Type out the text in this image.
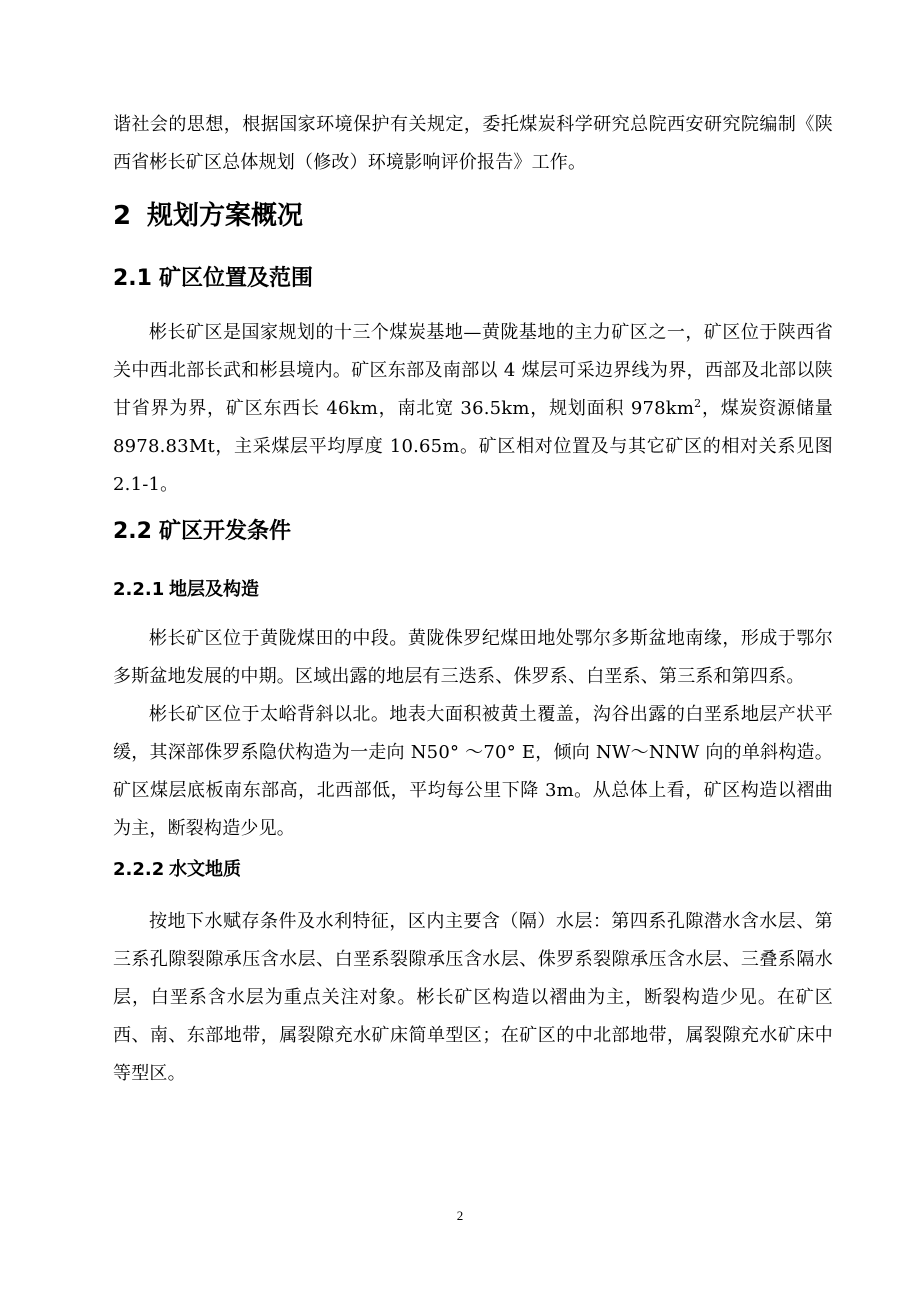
谐社会的思想，根据国家环境保护有关规定，委托煤炭科学研究总院西安研究院编制《陕西省彬长矿区总体规划（修改）环境影响评价报告》工作。

2 规划方案概况
2.1 矿区位置及范围

彬长矿区是国家规划的十三个煤炭基地—黄陇基地的主力矿区之一，矿区位于陕西省关中西北部长武和彬县境内。矿区东部及南部以 4 煤层可采边界线为界，西部及北部以陕甘省界为界，矿区东西长 46km，南北宽 36.5km，规划面积 $978km^2$，煤炭资源储量 8978.83Mt，主采煤层平均厚度 10.65m。矿区相对位置及与其它矿区的相对关系见图 2.1-1。

2.2 矿区开发条件
2.2.1 地层及构造

彬长矿区位于黄陇煤田的中段。黄陇侏罗纪煤田地处鄂尔多斯盆地南缘，形成于鄂尔多斯盆地发展的中期。区域出露的地层有三迭系、侏罗系、白垩系、第三系和第四系。

彬长矿区位于太峪背斜以北。地表大面积被黄土覆盖，沟谷出露的白垩系地层产状平缓，其深部侏罗系隐伏构造为一走向 N50° ～70° E，倾向 NW～NNW 向的单斜构造。矿区煤层底板南东部高，北西部低，平均每公里下降 3m。从总体上看，矿区构造以褶曲为主，断裂构造少见。

2.2.2 水文地质

按地下水赋存条件及水利特征，区内主要含（隔）水层：第四系孔隙潜水含水层、第三系孔隙裂隙承压含水层、白垩系裂隙承压含水层、侏罗系裂隙承压含水层、三叠系隔水层，白垩系含水层为重点关注对象。彬长矿区构造以褶曲为主，断裂构造少见。在矿区西、南、东部地带，属裂隙充水矿床简单型区；在矿区的中北部地带，属裂隙充水矿床中等型区。

2
